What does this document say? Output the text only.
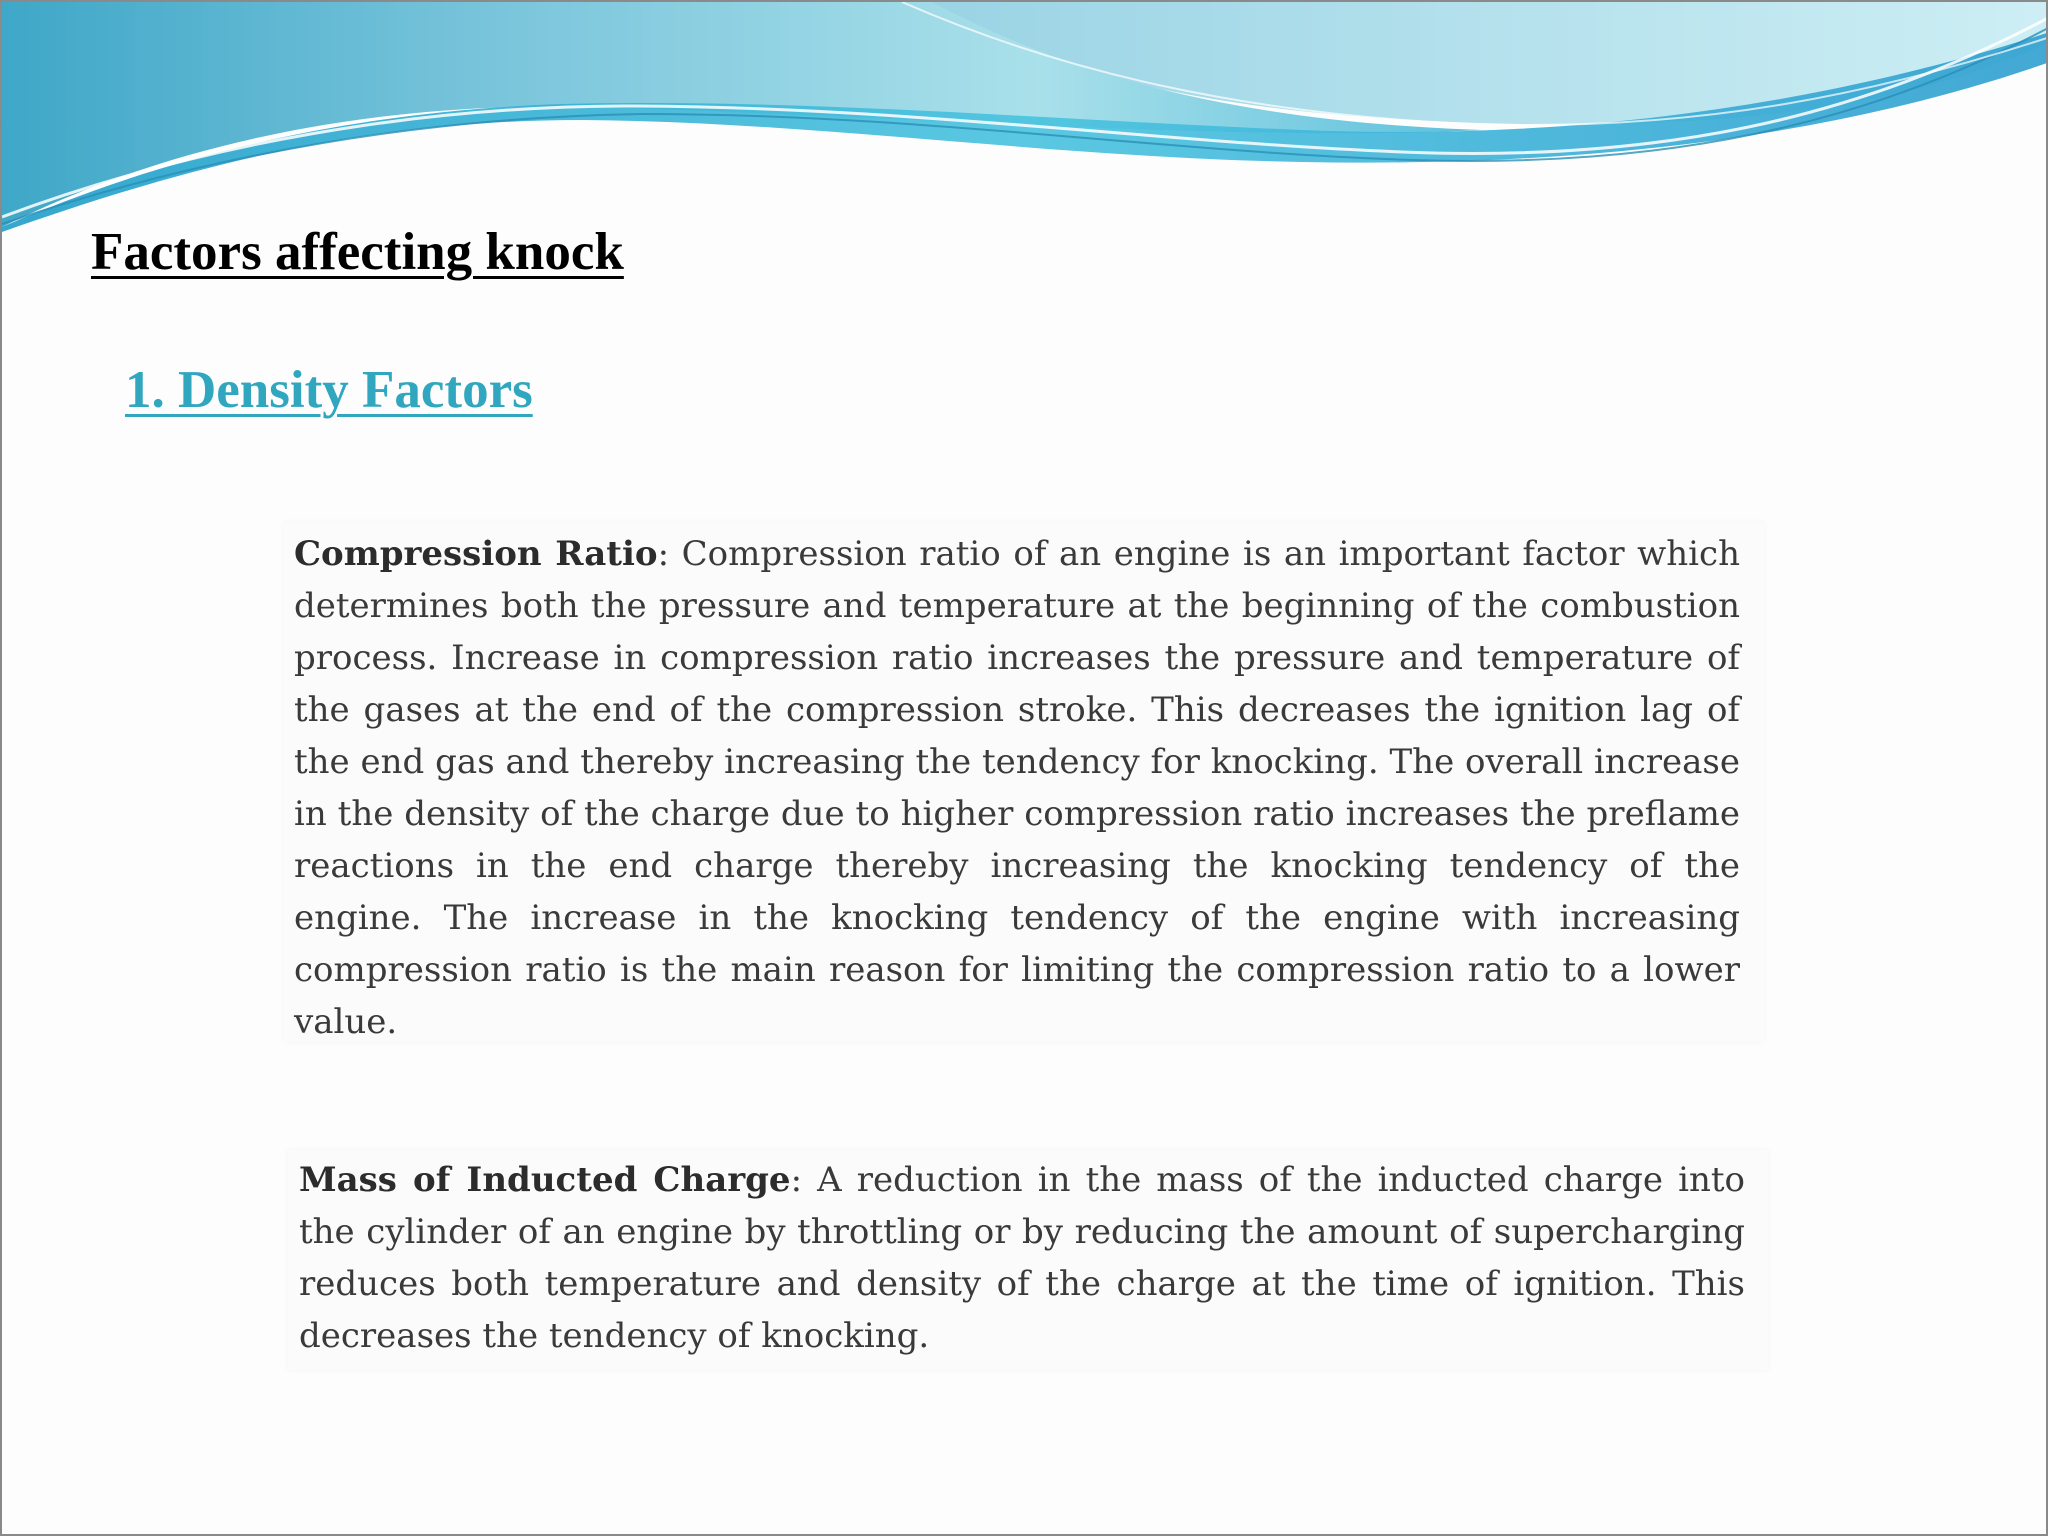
Factors affecting knock
1. Density Factors

Compression Ratio: Compression ratio of an engine is an important factor which determines both the pressure and temperature at the beginning of the combustion process. Increase in compression ratio increases the pressure and temperature of the gases at the end of the compression stroke. This decreases the ignition lag of the end gas and thereby increasing the tendency for knocking. The overall increase in the density of the charge due to higher compression ratio increases the preflame reactions in the end charge thereby increasing the knocking tendency of the engine. The increase in the knocking tendency of the engine with increasing compression ratio is the main reason for limiting the compression ratio to a lower value.

Mass of Inducted Charge: A reduction in the mass of the inducted charge into the cylinder of an engine by throttling or by reducing the amount of supercharging reduces both temperature and density of the charge at the time of ignition. This decreases the tendency of knocking.
